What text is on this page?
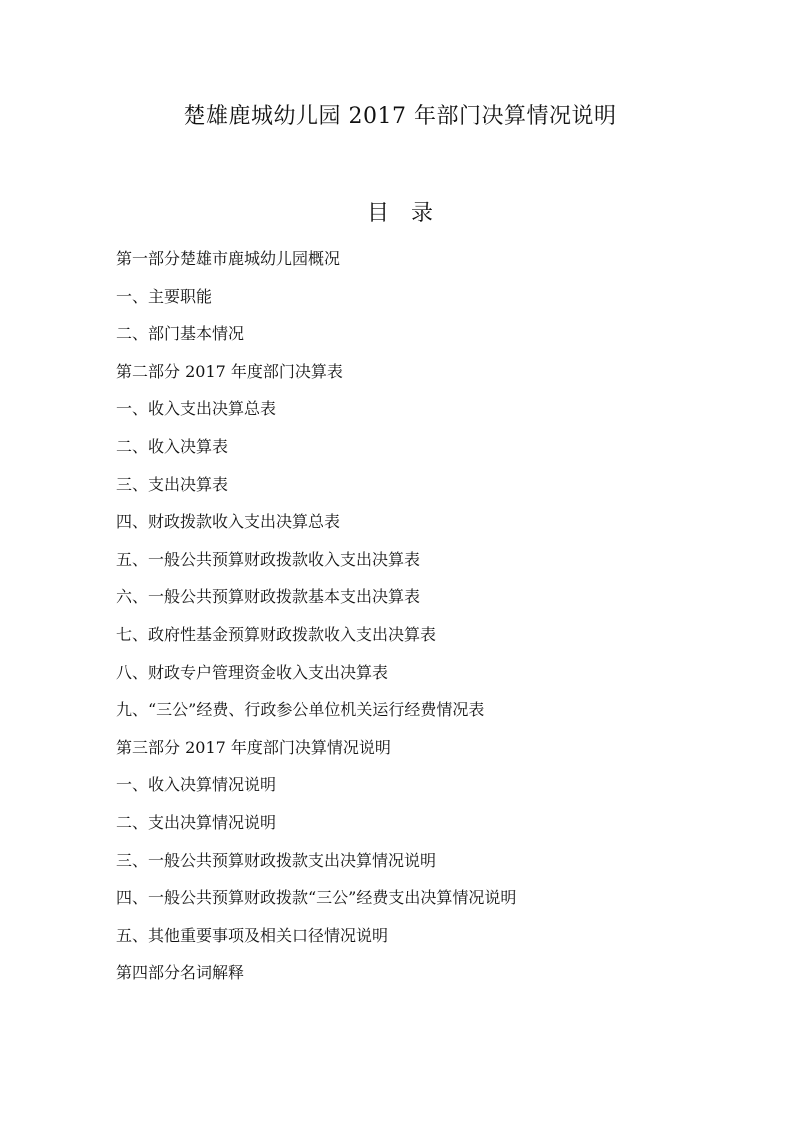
楚雄鹿城幼儿园 2017 年部门决算情况说明
目录
第一部分楚雄市鹿城幼儿园概况
一、主要职能
二、部门基本情况
第二部分 2017 年度部门决算表
一、收入支出决算总表
二、收入决算表
三、支出决算表
四、财政拨款收入支出决算总表
五、一般公共预算财政拨款收入支出决算表
六、一般公共预算财政拨款基本支出决算表
七、政府性基金预算财政拨款收入支出决算表
八、财政专户管理资金收入支出决算表
九、“三公”经费、行政参公单位机关运行经费情况表
第三部分 2017 年度部门决算情况说明
一、收入决算情况说明
二、支出决算情况说明
三、一般公共预算财政拨款支出决算情况说明
四、一般公共预算财政拨款“三公”经费支出决算情况说明
五、其他重要事项及相关口径情况说明
第四部分名词解释
